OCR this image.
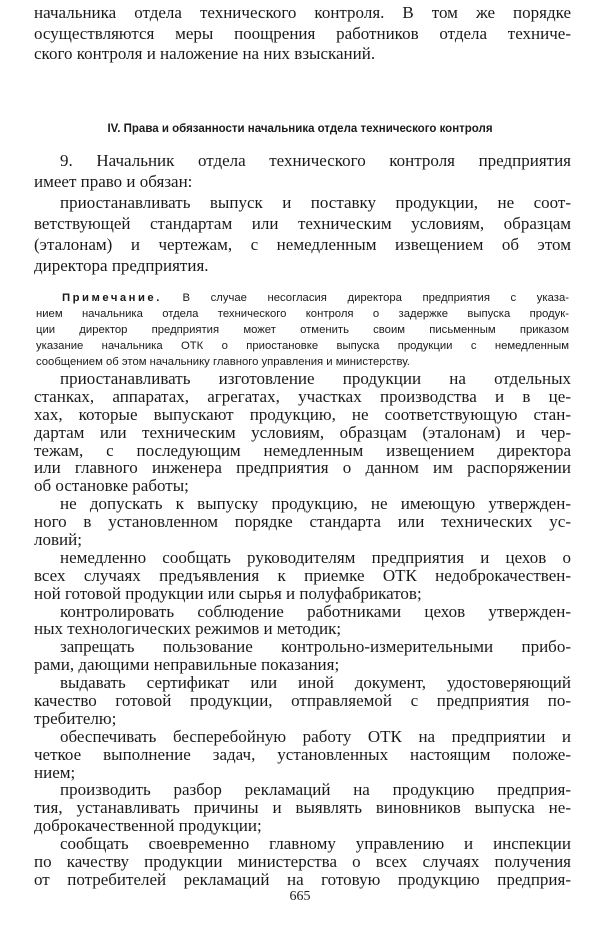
начальника отдела технического контроля. В том же порядке
осуществляются меры поощрения работников отдела техниче-
ского контроля и наложение на них взысканий.
IV. Права и обязанности начальника отдела технического контроля
9. Начальник отдела технического контроля предприятия
имеет право и обязан:
приостанавливать выпуск и поставку продукции, не соот-
ветствующей стандартам или техническим условиям, образцам
(эталонам) и чертежам, с немедленным извещением об этом
директора предприятия.
Примечание. В случае несогласия директора предприятия с указа-
нием начальника отдела технического контроля о задержке выпуска продук-
ции директор предприятия может отменить своим письменным приказом
указание начальника ОТК о приостановке выпуска продукции с немедленным
сообщением об этом начальнику главного управления и министерству.
приостанавливать изготовление продукции на отдельных
станках, аппаратах, агрегатах, участках производства и в це-
хах, которые выпускают продукцию, не соответствующую стан-
дартам или техническим условиям, образцам (эталонам) и чер-
тежам, с последующим немедленным извещением директора
или главного инженера предприятия о данном им распоряжении
об остановке работы;
не допускать к выпуску продукцию, не имеющую утвержден-
ного в установленном порядке стандарта или технических ус-
ловий;
немедленно сообщать руководителям предприятия и цехов о
всех случаях предъявления к приемке ОТК недоброкачествен-
ной готовой продукции или сырья и полуфабрикатов;
контролировать соблюдение работниками цехов утвержден-
ных технологических режимов и методик;
запрещать пользование контрольно-измерительными прибо-
рами, дающими неправильные показания;
выдавать сертификат или иной документ, удостоверяющий
качество готовой продукции, отправляемой с предприятия по-
требителю;
обеспечивать бесперебойную работу ОТК на предприятии и
четкое выполнение задач, установленных настоящим положе-
нием;
производить разбор рекламаций на продукцию предприя-
тия, устанавливать причины и выявлять виновников выпуска не-
доброкачественной продукции;
сообщать своевременно главному управлению и инспекции
по качеству продукции министерства о всех случаях получения
от потребителей рекламаций на готовую продукцию предприя-
665
